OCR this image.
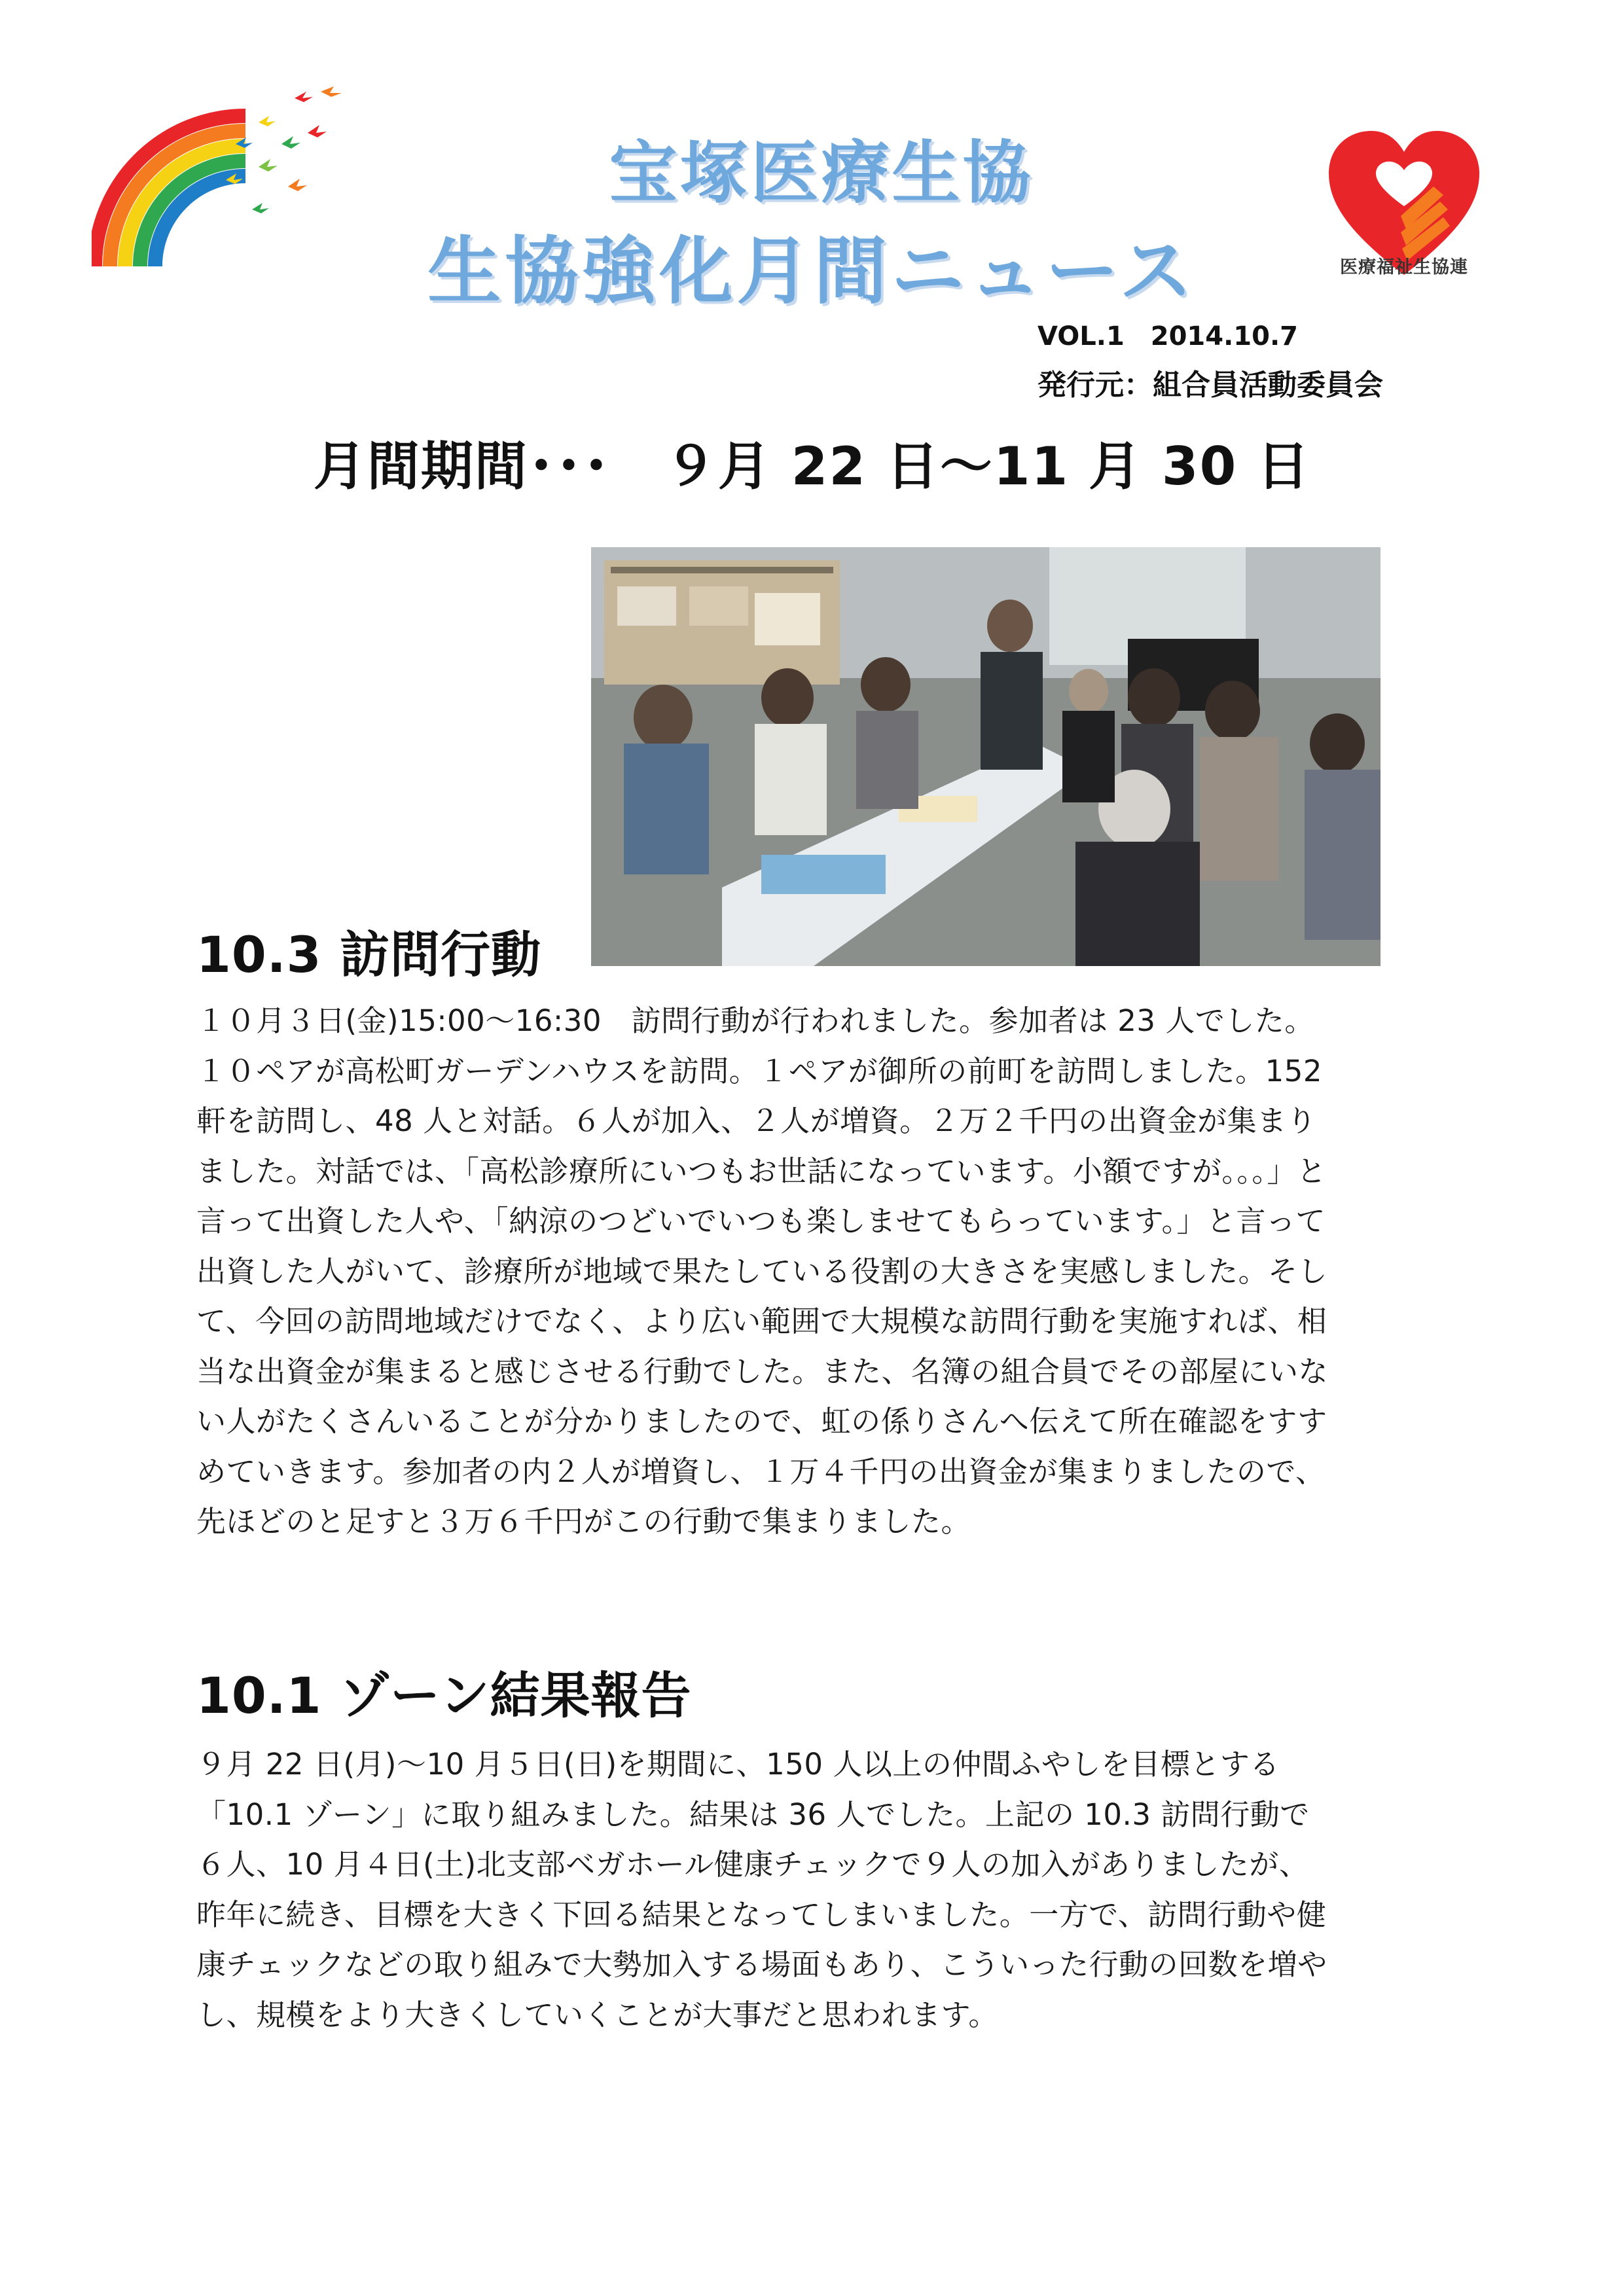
宝塚医療生協
生協強化月間ニュース	医療福祉生協連
VOL.1　2014.10.7
発行元：組合員活動委員会
月間期間･･･　９月 22 日～11 月 30 日
10.3 訪問行動
１０月３日(金)15:00～16:30　訪問行動が行われました。参加者は 23 人でした。
１０ペアが高松町ガーデンハウスを訪問。１ペアが御所の前町を訪問しました。152
軒を訪問し、48 人と対話。６人が加入、２人が増資。２万２千円の出資金が集まり
ました。対話では、「高松診療所にいつもお世話になっています。小額ですが。。。」と
言って出資した人や、「納涼のつどいでいつも楽しませてもらっています。」と言って
出資した人がいて、診療所が地域で果たしている役割の大きさを実感しました。そし
て、今回の訪問地域だけでなく、より広い範囲で大規模な訪問行動を実施すれば、相
当な出資金が集まると感じさせる行動でした。また、名簿の組合員でその部屋にいな
い人がたくさんいることが分かりましたので、虹の係りさんへ伝えて所在確認をすす
めていきます。参加者の内２人が増資し、１万４千円の出資金が集まりましたので、
先ほどのと足すと３万６千円がこの行動で集まりました。
10.1 ゾーン結果報告
９月 22 日(月)～10 月５日(日)を期間に、150 人以上の仲間ふやしを目標とする
「10.1 ゾーン」に取り組みました。結果は 36 人でした。上記の 10.3 訪問行動で
６人、10 月４日(土)北支部ベガホール健康チェックで９人の加入がありましたが、
昨年に続き、目標を大きく下回る結果となってしまいました。一方で、訪問行動や健
康チェックなどの取り組みで大勢加入する場面もあり、こういった行動の回数を増や
し、規模をより大きくしていくことが大事だと思われます。
